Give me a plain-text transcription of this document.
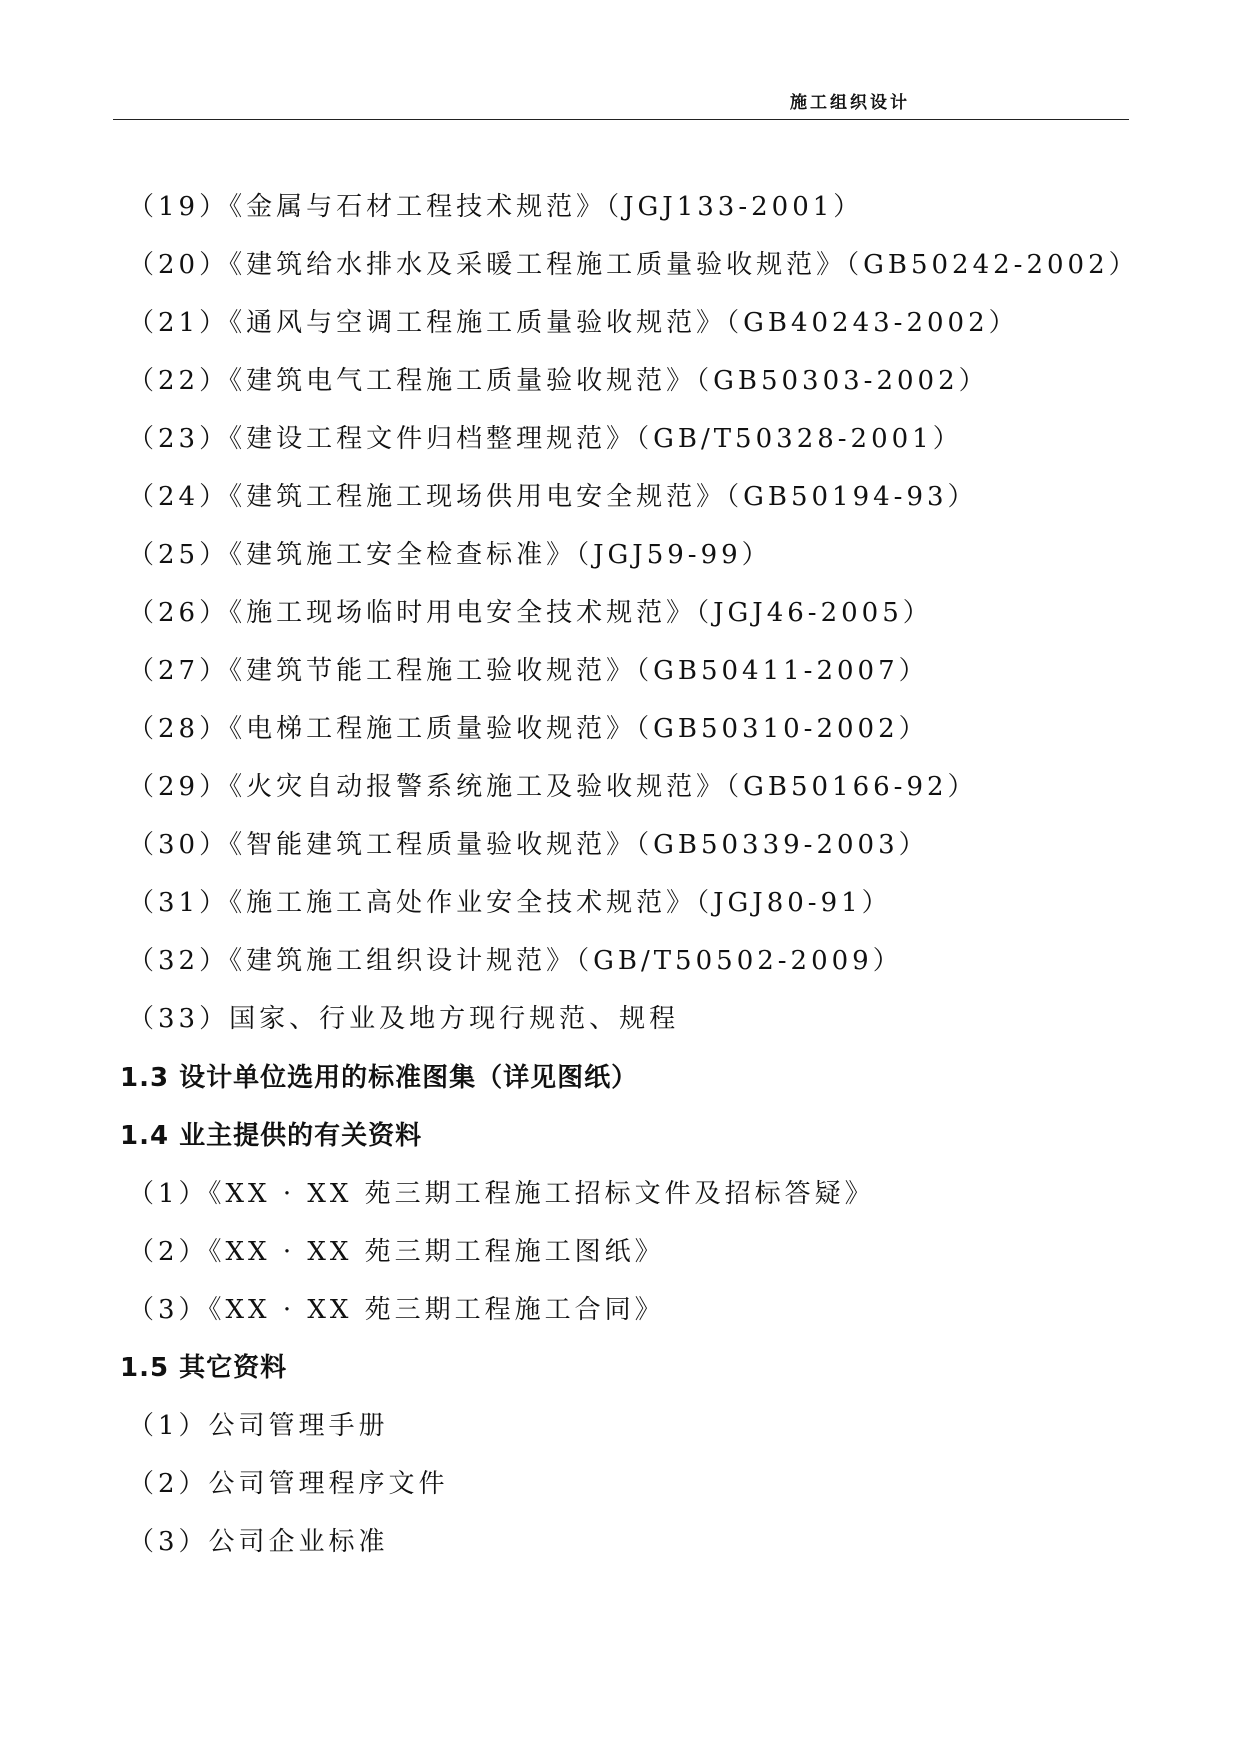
施工组织设计
（19）《金属与石材工程技术规范》（JGJ133-2001）
（20）《建筑给水排水及采暖工程施工质量验收规范》（GB50242-2002）
（21）《通风与空调工程施工质量验收规范》（GB40243-2002）
（22）《建筑电气工程施工质量验收规范》（GB50303-2002）
（23）《建设工程文件归档整理规范》（GB/T50328-2001）
（24）《建筑工程施工现场供用电安全规范》（GB50194-93）
（25）《建筑施工安全检查标准》（JGJ59-99）
（26）《施工现场临时用电安全技术规范》（JGJ46-2005）
（27）《建筑节能工程施工验收规范》（GB50411-2007）
（28）《电梯工程施工质量验收规范》（GB50310-2002）
（29）《火灾自动报警系统施工及验收规范》（GB50166-92）
（30）《智能建筑工程质量验收规范》（GB50339-2003）
（31）《施工施工高处作业安全技术规范》（JGJ80-91）
（32）《建筑施工组织设计规范》（GB/T50502-2009）
（33）国家、行业及地方现行规范、规程
1.3 设计单位选用的标准图集（详见图纸）
1.4 业主提供的有关资料
（1）《XX · XX 苑三期工程施工招标文件及招标答疑》
（2）《XX · XX 苑三期工程施工图纸》
（3）《XX · XX 苑三期工程施工合同》
1.5 其它资料
（1）公司管理手册
（2）公司管理程序文件
（3）公司企业标准
